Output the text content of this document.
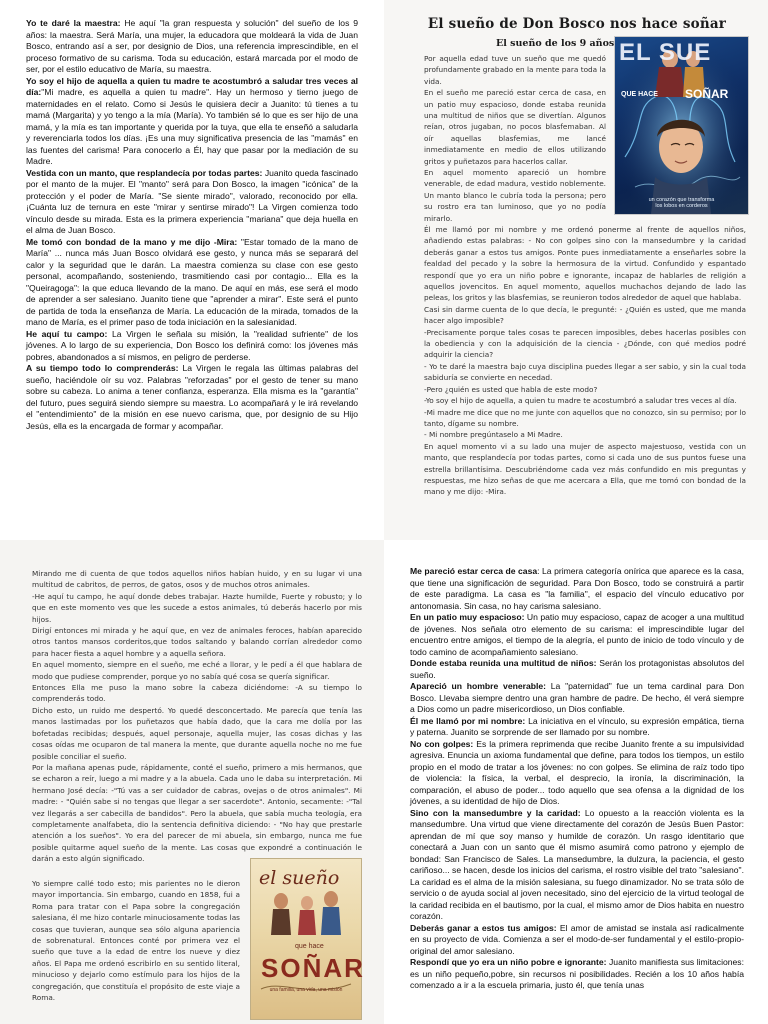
Yo te daré la maestra: He aquí "la gran respuesta y solución" del sueño de los 9 años: la maestra. Será María, una mujer, la educadora que moldeará la vida de Juan Bosco, entrando así a ser, por designio de Dios, una referencia imprescindible, en el proceso formativo de su carisma. Toda su educación, estará marcada por el modo de ser, por el estilo educativo de María, su maestra.

Yo soy el hijo de aquella a quien tu madre te acostumbró a saludar tres veces al día:"Mi madre, es aquella a quien tu madre". Hay un hermoso y tierno juego de maternidades en el relato. Como si Jesús le quisiera decir a Juanito: tú tienes a tu mamá (Margarita) y yo tengo a la mía (María). Yo también sé lo que es ser hijo de una mamá, y la mía es tan importante y querida por la tuya, que ella te enseñó a saludarla y reverenciarla todos los días. ¡Es una muy significativa presencia de las "mamás" en las fuentes del carisma! Para conocerlo a Él, hay que pasar por la mediación de su Madre.

Vestida con un manto, que resplandecía por todas partes: Juanito queda fascinado por el manto de la mujer. El "manto" será para Don Bosco, la imagen "icónica" de la protección y el poder de María. "Se siente mirado", valorado, reconocido por ella. ¡Cuánta luz de ternura en este "mirar y sentirse mirado"! La Virgen comienza todo vínculo desde su mirada. Esta es la primera experiencia "mariana" que deja huella en el alma de Juan Bosco.

Me tomó con bondad de la mano y me dijo -Mira: "Estar tomado de la mano de María" ... nunca más Juan Bosco olvidará ese gesto, y nunca más se separará del calor y la seguridad que le darán. La maestra comienza su clase con ese gesto personal, acompañando, sosteniendo, trasmitiendo casi por contagio... Ella es la "Queiragoga": la que educa llevando de la mano. De aquí en más, ese será el modo de aprender a ser salesiano. Juanito tiene que "aprender a mirar". Este será el punto de partida de toda la enseñanza de María. La educación de la mirada, tomados de la mano de María, es el primer paso de toda iniciación en la salesianidad.

He aquí tu campo: La Virgen le señala su misión, la "realidad sufriente" de los jóvenes. A lo largo de su experiencia, Don Bosco los definirá como: los jóvenes más pobres, abandonados a sí mismos, en peligro de perderse.

A su tiempo todo lo comprenderás: La Virgen le regala las últimas palabras del sueño, haciéndole oír su voz. Palabras "reforzadas" por el gesto de tener su mano sobre su cabeza. Lo anima a tener confianza, esperanza. Ella misma es la "garantía" del futuro, pues seguirá siendo siempre su maestra. Lo acompañará y le irá revelando el "entendimiento" de la misión en ese nuevo carisma, que, por designio de su Hijo Jesús, ella es la encargada de formar y acompañar.

El sueño de Don Bosco nos hace soñar
El sueño de los 9 años

Por aquella edad tuve un sueño que me quedó profundamente grabado en la mente para toda la vida.

En el sueño me pareció estar cerca de casa, en un patio muy espacioso, donde estaba reunida una multitud de niños que se divertían. Algunos reían, otros jugaban, no pocos blasfemaban. Al oír aquellas blasfemias, me lancé inmediatamente en medio de ellos utilizando gritos y puñetazos para hacerlos callar.

En aquel momento apareció un hombre venerable, de edad madura, vestido noblemente. Un manto blanco le cubría toda la persona; pero su rostro era tan luminoso, que yo no podía mirarlo.

EL SUE
QUE HACE SOÑAR
un corazón que transforma
los lobos en corderos

Él me llamó por mi nombre y me ordenó ponerme al frente de aquellos niños, añadiendo estas palabras: - No con golpes sino con la mansedumbre y la caridad deberás ganar a estos tus amigos. Ponte pues inmediatamente a enseñarles sobre la fealdad del pecado y la sobre la hermosura de la virtud. Confundido y espantado respondí que yo era un niño pobre e ignorante, incapaz de hablarles de religión a aquellos jovencitos. En aquel momento, aquellos muchachos dejando de lado las peleas, los gritos y las blasfemias, se reunieron todos alrededor de aquel que hablaba.

Casi sin darme cuenta de lo que decía, le pregunté: - ¿Quién es usted, que me manda hacer algo imposible?

-Precisamente porque tales cosas te parecen imposibles, debes hacerlas posibles con la obediencia y con la adquisición de la ciencia - ¿Dónde, con qué medios podré adquirir la ciencia?

- Yo te daré la maestra bajo cuya disciplina puedes llegar a ser sabio, y sin la cual toda sabiduría se convierte en necedad.

-Pero ¿quién es usted que habla de este modo?

-Yo soy el hijo de aquella, a quien tu madre te acostumbró a saludar tres veces al día.

-Mi madre me dice que no me junte con aquellos que no conozco, sin su permiso; por lo tanto, dígame su nombre.

- Mi nombre pregúntaselo a Mi Madre.

En aquel momento vi a su lado una mujer de aspecto majestuoso, vestida con un manto, que resplandecía por todas partes, como si cada uno de sus puntos fuese una estrella brillantísima. Descubriéndome cada vez más confundido en mis preguntas y respuestas, me hizo señas de que me acercara a Ella, que me tomó con bondad de la mano y me dijo: -Mira.

Mirando me di cuenta de que todos aquellos niños habían huido, y en su lugar vi una multitud de cabritos, de perros, de gatos, osos y de muchos otros animales.

-He aquí tu campo, he aquí donde debes trabajar. Hazte humilde, Fuerte y robusto; y lo que en este momento ves que les sucede a estos animales, tú deberás hacerlo por mis hijos.

Dirigí entonces mi mirada y he aquí que, en vez de animales feroces, habían aparecido otros tantos mansos corderitos,que todos saltando y balando corrían alrededor como para hacer fiesta a aquel hombre y a aquella señora.

En aquel momento, siempre en el sueño, me eché a llorar, y le pedí a él que hablara de modo que pudiese comprender, porque yo no sabía qué cosa se quería significar.

Entonces Ella me puso la mano sobre la cabeza diciéndome: -A su tiempo lo comprenderás todo.

Dicho esto, un ruido me despertó. Yo quedé desconcertado. Me parecía que tenía las manos lastimadas por los puñetazos que había dado, que la cara me dolía por las bofetadas recibidas; después, aquel personaje, aquella mujer, las cosas dichas y las cosas oídas me ocuparon de tal manera la mente, que durante aquella noche no me fue posible conciliar el sueño.

Por la mañana apenas pude, rápidamente, conté el sueño, primero a mis hermanos, que se echaron a reír, luego a mi madre y a la abuela. Cada uno le daba su interpretación. Mi hermano José decía: -"Tú vas a ser cuidador de cabras, ovejas o de otros animales". Mi madre: - "Quién sabe si no tengas que llegar a ser sacerdote". Antonio, secamente: -"Tal vez llegarás a ser cabecilla de bandidos". Pero la abuela, que sabía mucha teología, era completamente analfabeta, dio la sentencia definitiva diciendo: - "No hay que prestarle atención a los sueños". Yo era del parecer de mi abuela, sin embargo, nunca me fue posible quitarme aquel sueño de la mente. Las cosas que expondré a continuación le darán a esto algún significado.

Yo siempre callé todo esto; mis parientes no le dieron mayor importancia. Sin embargo, cuando en 1858, fui a Roma para tratar con el Papa sobre la congregación salesiana, él me hizo contarle minuciosamente todas las cosas que tuvieran, aunque sea sólo alguna apariencia de sobrenatural. Entonces conté por primera vez el sueño que tuve a la edad de entre los nueve y diez años. El Papa me ordenó escribirlo en su sentido literal, minucioso y dejarlo como estímulo para los hijos de la congregación, que constituía el propósito de este viaje a Roma.

el sueño
que hace
SOÑAR
una familia, una vida, una misión

Me pareció estar cerca de casa: La primera categoría onírica que aparece es la casa, que tiene una significación de seguridad. Para Don Bosco, todo se construirá a partir de este paradigma. La casa es "la familia", el espacio del vínculo educativo por antonomasia. Sin casa, no hay carisma salesiano.

En un patio muy espacioso: Un patio muy espacioso, capaz de acoger a una multitud de jóvenes. Nos señala otro elemento de su carisma: el imprescindible lugar del encuentro entre amigos, el tiempo de la alegría, el punto de inicio de todo vínculo y de todo camino de acompañamiento salesiano.

Donde estaba reunida una multitud de niños: Serán los protagonistas absolutos del sueño.

Apareció un hombre venerable: La "paternidad" fue un tema cardinal para Don Bosco. Llevaba siempre dentro una gran hambre de padre. De hecho, él verá siempre a Dios como un padre misericordioso, un Dios confiable.

Él me llamó por mi nombre: La iniciativa en el vínculo, su expresión empática, tierna y paterna. Juanito se sorprende de ser llamado por su nombre.

No con golpes: Es la primera reprimenda que recibe Juanito frente a su impulsividad agresiva. Enuncia un axioma fundamental que define, para todos los tiempos, un estilo propio en el modo de tratar a los jóvenes: no con golpes. Se elimina de raíz todo tipo de violencia: la física, la verbal, el desprecio, la ironía, la discriminación, la comparación, el abuso de poder... todo aquello que sea ofensa a la dignidad de los jóvenes, a su identidad de hijo de Dios.

Sino con la mansedumbre y la caridad: Lo opuesto a la reacción violenta es la mansedumbre. Una virtud que viene directamente del corazón de Jesús Buen Pastor: aprendan de mí que soy manso y humilde de corazón. Un rasgo identitario que conectará a Juan con un santo que él mismo asumirá como patrono y ejemplo de bondad: San Francisco de Sales. La mansedumbre, la dulzura, la paciencia, el gesto cariñoso... se hacen, desde los inicios del carisma, el rostro visible del trato "salesiano". La caridad es el alma de la misión salesiana, su fuego dinamizador. No se trata sólo de servicio o de ayuda social al joven necesitado, sino del ejercicio de la virtud teologal de la caridad recibida en el bautismo, por la cual, el mismo amor de Dios habita en nuestro corazón.

Deberás ganar a estos tus amigos: El amor de amistad se instala así radicalmente en su proyecto de vida. Comienza a ser el modo-de-ser fundamental y el estilo-propio-original del amor salesiano.

Respondí que yo era un niño pobre e ignorante: Juanito manifiesta sus limitaciones: es un niño pequeño,pobre, sin recursos ni posibilidades. Recién a los 10 años había comenzado a ir a la escuela primaria, justo él, que tenía unas
